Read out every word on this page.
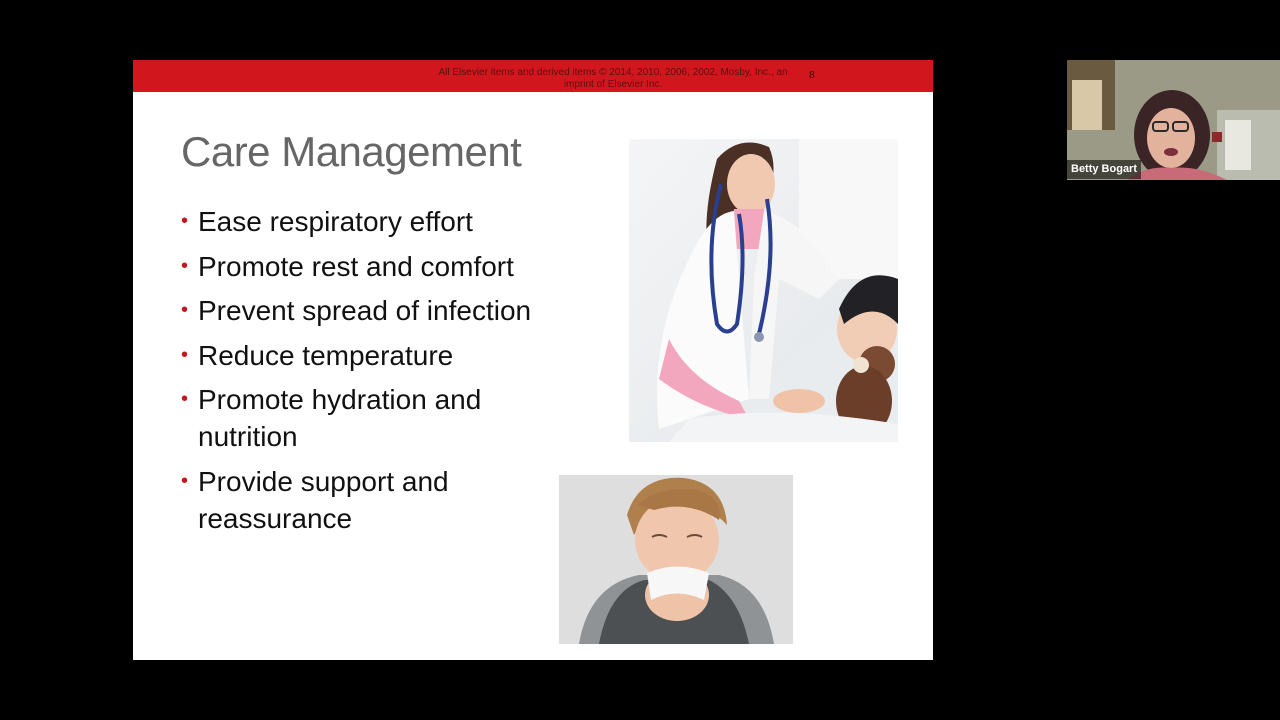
All Elsevier items and derived items © 2014, 2010, 2006, 2002, Mosby, Inc., an imprint of Elsevier Inc.
8
Care Management
• Ease respiratory effort
• Promote rest and comfort
• Prevent spread of infection
• Reduce temperature
• Promote hydration and nutrition
• Provide support and reassurance
Betty Bogart
